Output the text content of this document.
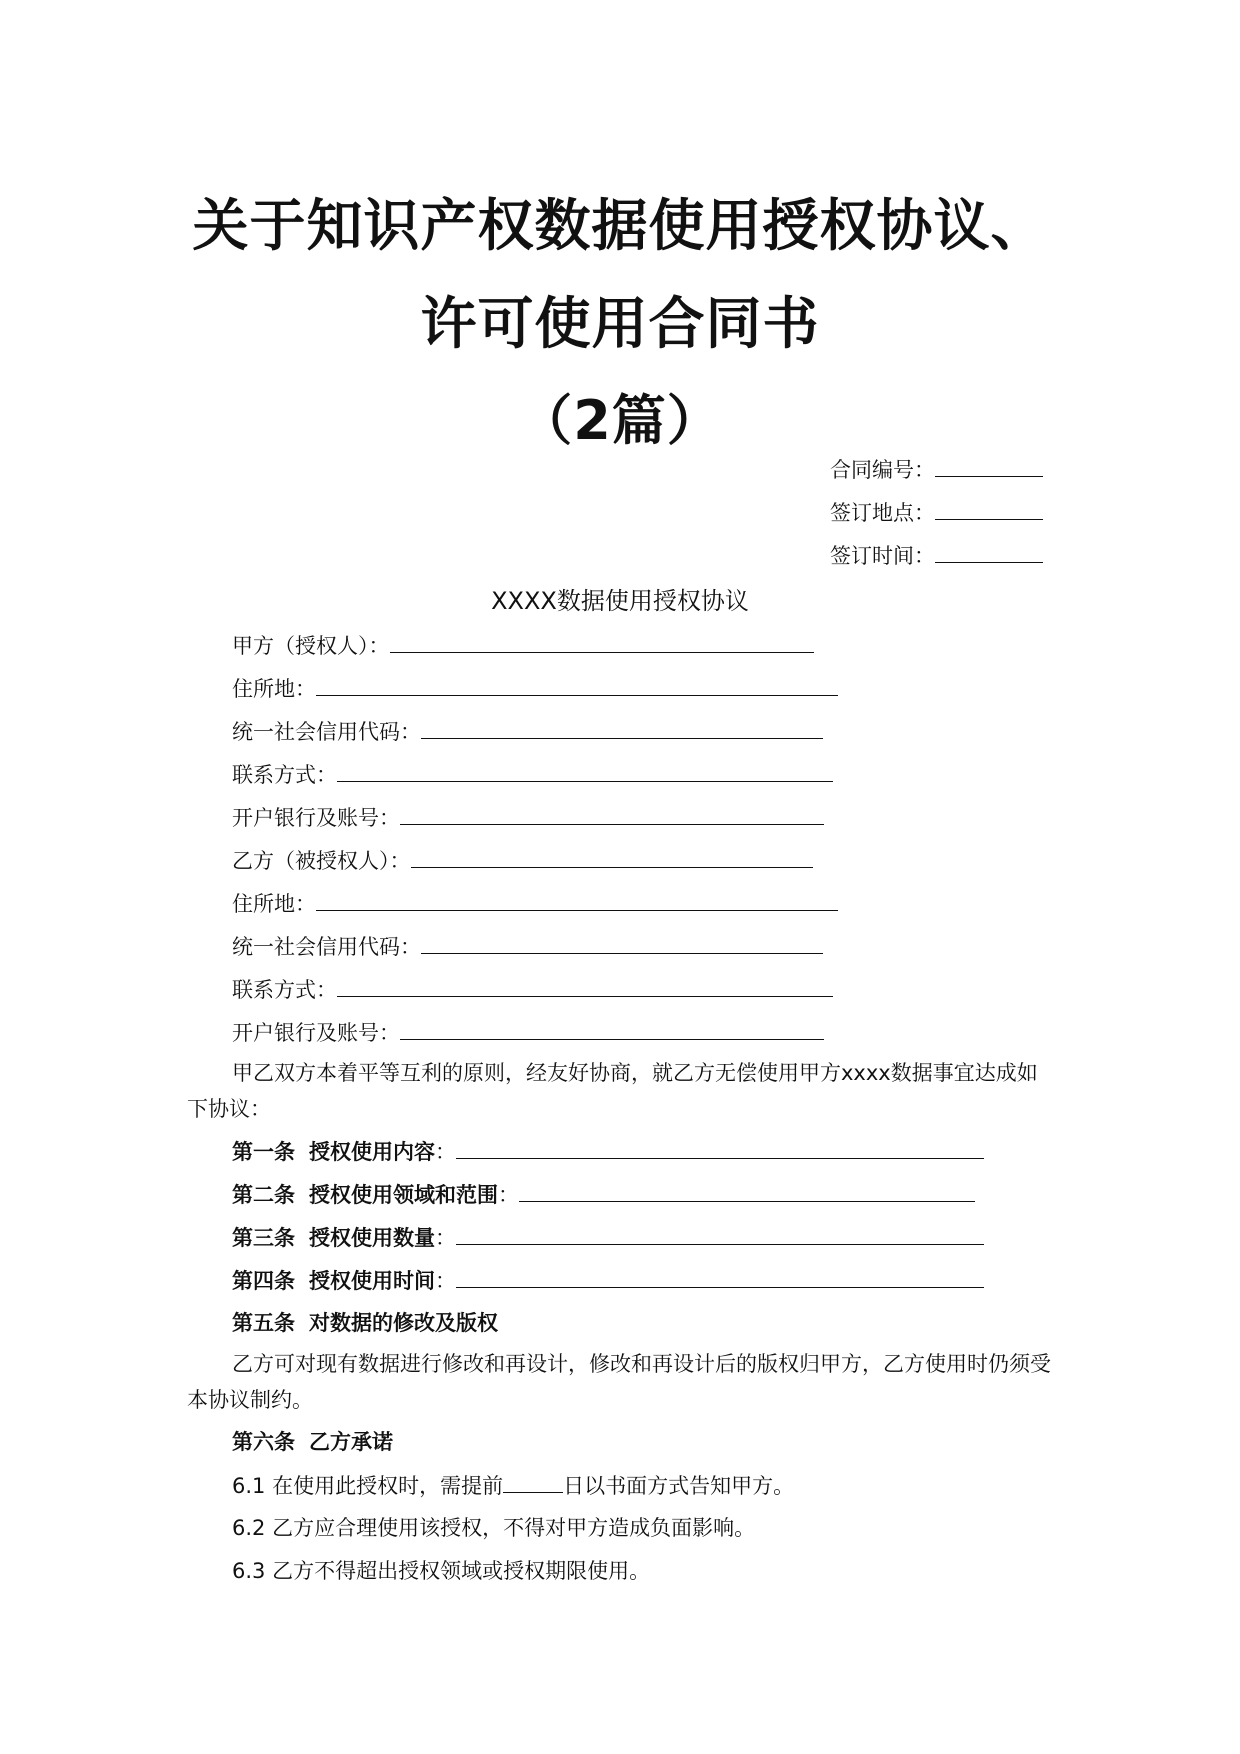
关于知识产权数据使用授权协议、
许可使用合同书
（2篇）
合同编号：
签订地点：
签订时间：
XXXX数据使用授权协议
甲方（授权人）：
住所地：
统一社会信用代码：
联系方式：
开户银行及账号：
乙方（被授权人）：
住所地：
统一社会信用代码：
联系方式：
开户银行及账号：
甲乙双方本着平等互利的原则，经友好协商，就乙方无偿使用甲方xxxx数据事宜达成如下协议：
第一条 授权使用内容：
第二条 授权使用领域和范围：
第三条 授权使用数量：
第四条 授权使用时间：
第五条 对数据的修改及版权
乙方可对现有数据进行修改和再设计，修改和再设计后的版权归甲方，乙方使用时仍须受本协议制约。
第六条 乙方承诺
6.1 在使用此授权时，需提前	日以书面方式告知甲方。
6.2 乙方应合理使用该授权，不得对甲方造成负面影响。
6.3 乙方不得超出授权领域或授权期限使用。
